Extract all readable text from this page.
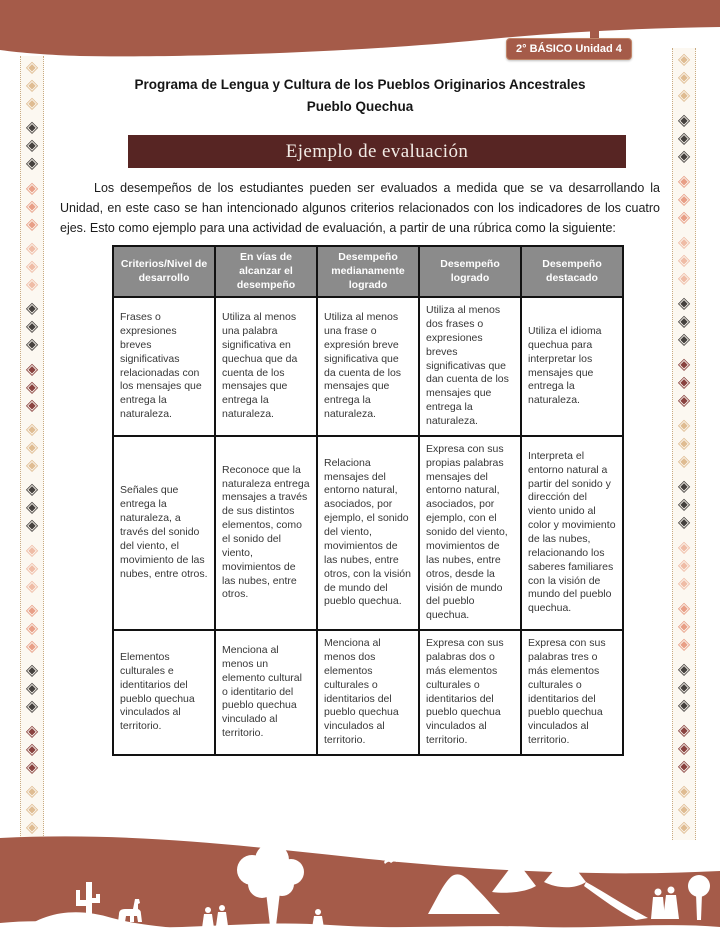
2° BÁSICO Unidad 4
◈
◈
◈
◈
◈
◈
◈
◈
◈
◈
◈
◈
◈
◈
◈
◈
◈
◈
◈
◈
◈
◈
◈
◈
◈
◈
◈
◈
◈
◈
◈
◈
◈
◈
◈
◈
◈
◈
◈
◈
◈
◈
◈
◈
◈
◈
◈
◈
◈
◈
◈
◈
◈
◈
◈
◈
◈
◈
◈
◈
◈
◈
◈
◈
◈
◈
◈
◈
◈
◈
◈
◈
◈
◈
◈
◈
◈
◈

Programa de Lengua y Cultura de los Pueblos Originarios Ancestrales

Pueblo Quechua

Ejemplo de evaluación

Los desempeños de los estudiantes pueden ser evaluados a medida que se va desarrollando la Unidad, en este caso se han intencionado algunos criterios relacionados con los indicadores de los cuatro ejes. Esto como ejemplo para una actividad de evaluación, a partir de una rúbrica como la siguiente:

Criterios/Nivel de desarrollo	En vías de alcanzar el desempeño	Desempeño medianamente logrado	Desempeño logrado	Desempeño destacado
Frases o expresiones breves significativas relacionadas con los mensajes que entrega la naturaleza.	Utiliza al menos una palabra significativa en quechua que da cuenta de los mensajes que entrega la naturaleza.	Utiliza al menos una frase o expresión breve significativa que da cuenta de los mensajes que entrega la naturaleza.	Utiliza al menos dos frases o expresiones breves significativas que dan cuenta de los mensajes que entrega la naturaleza.	Utiliza el idioma quechua para interpretar los mensajes que entrega la naturaleza.
Señales que entrega la naturaleza, a través del sonido del viento, el movimiento de las nubes, entre otros.	Reconoce que la naturaleza entrega mensajes a través de sus distintos elementos, como el sonido del viento, movimientos de las nubes, entre otros.	Relaciona mensajes del entorno natural, asociados, por ejemplo, el sonido del viento, movimientos de las nubes, entre otros, con la visión de mundo del pueblo quechua.	Expresa con sus propias palabras mensajes del entorno natural, asociados, por ejemplo, con el sonido del viento, movimientos de las nubes, entre otros, desde la visión de mundo del pueblo quechua.	Interpreta el entorno natural a partir del sonido y dirección del viento unido al color y movimiento de las nubes, relacionando los saberes familiares con la visión de mundo del pueblo quechua.
Elementos culturales e identitarios del pueblo quechua vinculados al territorio.	Menciona al menos un elemento cultural o identitario del pueblo quechua vinculado al territorio.	Menciona al menos dos elementos culturales o identitarios del pueblo quechua vinculados al territorio.	Expresa con sus palabras dos o más elementos culturales o identitarios del pueblo quechua vinculados al territorio.	Expresa con sus palabras tres o más elementos culturales o identitarios del pueblo quechua vinculados al territorio.
